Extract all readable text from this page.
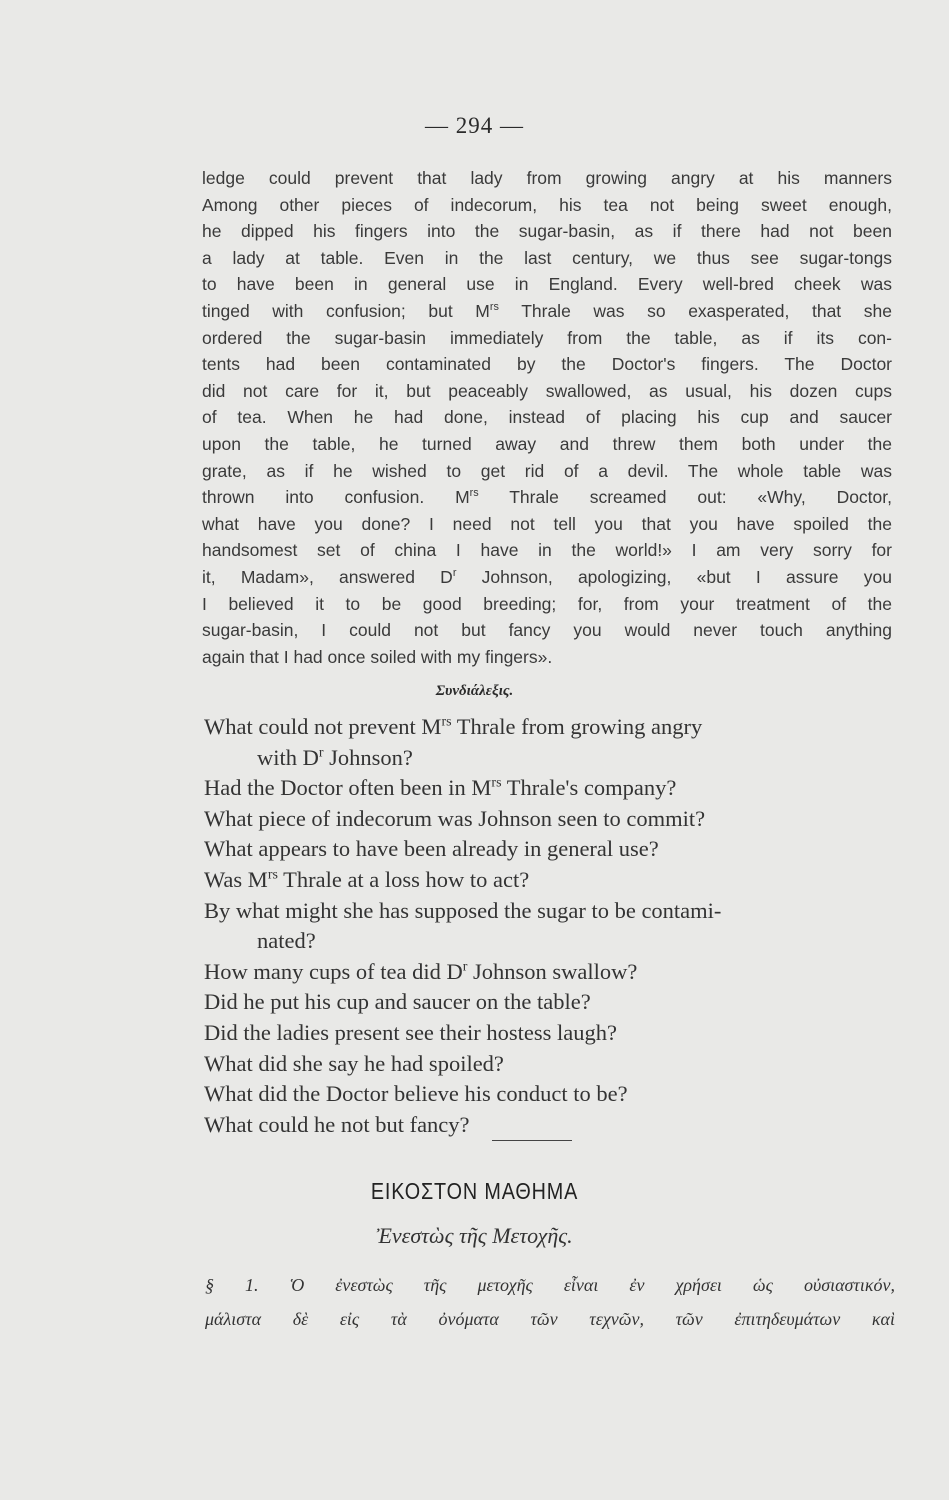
— 294 —
ledge could prevent that lady from growing angry at his manners
Among other pieces of indecorum, his tea not being sweet enough,
he dipped his fingers into the sugar-basin, as if there had not been
a lady at table. Even in the last century, we thus see sugar-tongs
to have been in general use in England. Every well-bred cheek was
tinged with confusion; but $M^{rs}$ Thrale was so exasperated, that she
ordered the sugar-basin immediately from the table, as if its con-
tents had been contaminated by the Doctor's fingers. The Doctor
did not care for it, but peaceably swallowed, as usual, his dozen cups
of tea. When he had done, instead of placing his cup and saucer
upon the table, he turned away and threw them both under the
grate, as if he wished to get rid of a devil. The whole table was
thrown into confusion. $M^{rs}$ Thrale screamed out: «Why, Doctor,
what have you done? I need not tell you that you have spoiled the
handsomest set of china I have in the world!» I am very sorry for
it, Madam», answered $D^r$ Johnson, apologizing, «but I assure you
I believed it to be good breeding; for, from your treatment of the
sugar-basin, I could not but fancy you would never touch anything
again that I had once soiled with my fingers».
Συνδιάλεξις.
What could not prevent $M^{rs}$ Thrale from growing angry
with $D^r$ Johnson?
Had the Doctor often been in $M^{rs}$ Thrale's company?
What piece of indecorum was Johnson seen to commit?
What appears to have been already in general use?
Was $M^{rs}$ Thrale at a loss how to act?
By what might she has supposed the sugar to be contami-
nated?
How many cups of tea did $D^r$ Johnson swallow?
Did he put his cup and saucer on the table?
Did the ladies present see their hostess laugh?
What did she say he had spoiled?
What did the Doctor believe his conduct to be?
What could he not but fancy?
ΕΙΚΟΣΤΟΝ ΜΑΘΗΜΑ
Ἐνεστὼς τῆς Μετοχῆς.
§ 1. Ὁ ἐνεστὼς τῆς μετοχῆς εἶναι ἐν χρήσει ὡς οὐσιαστικόν,
μάλιστα δὲ εἰς τὰ ὀνόματα τῶν τεχνῶν, τῶν ἐπιτηδευμάτων καὶ
